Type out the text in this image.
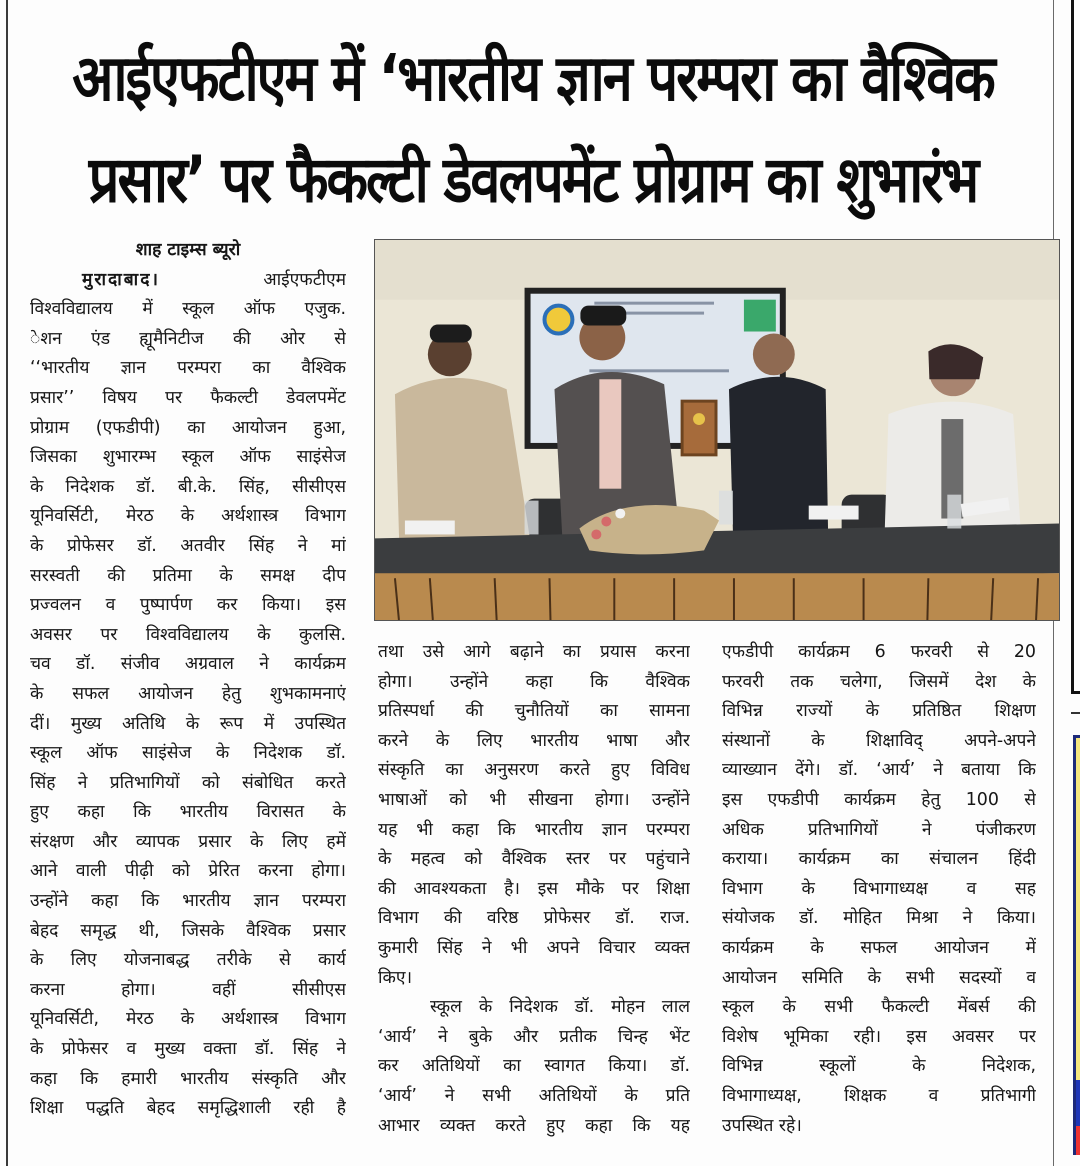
आईएफटीएम में ‘भारतीय ज्ञान परम्परा का वैश्विक
प्रसार’ पर फैकल्टी डेवलपमेंट प्रोग्राम का शुभारंभ
शाह टाइम्स ब्यूरो
मुरादाबाद।	आईएफटीएम
विश्वविद्यालय में स्कूल ऑफ एजुक.
ेशन एंड ह्यूमैनिटीज की ओर से
‘‘भारतीय ज्ञान परम्परा का वैश्विक
प्रसार’’ विषय पर फैकल्टी डेवलपमेंट
प्रोग्राम (एफडीपी) का आयोजन हुआ,
जिसका शुभारम्भ स्कूल ऑफ साइंसेज
के निदेशक डॉ. बी.के. सिंह, सीसीएस
यूनिवर्सिटी, मेरठ के अर्थशास्त्र विभाग
के प्रोफेसर डॉ. अतवीर सिंह ने मां
सरस्वती की प्रतिमा के समक्ष दीप
प्रज्वलन व पुष्पार्पण कर किया। इस
अवसर पर विश्वविद्यालय के कुलसि.
चव डॉ. संजीव अग्रवाल ने कार्यक्रम
के सफल आयोजन हेतु शुभकामनाएं
दीं। मुख्य अतिथि के रूप में उपस्थित
स्कूल ऑफ साइंसेज के निदेशक डॉ.
सिंह ने प्रतिभागियों को संबोधित करते
हुए कहा कि भारतीय विरासत के
संरक्षण और व्यापक प्रसार के लिए हमें
आने वाली पीढ़ी को प्रेरित करना होगा।
उन्होंने कहा कि भारतीय ज्ञान परम्परा
बेहद समृद्ध थी, जिसके वैश्विक प्रसार
के लिए योजनाबद्ध तरीके से कार्य
करना होगा। वहीं सीसीएस
यूनिवर्सिटी, मेरठ के अर्थशास्त्र विभाग
के प्रोफेसर व मुख्य वक्ता डॉ. सिंह ने
कहा कि हमारी भारतीय संस्कृति और
शिक्षा पद्धति बेहद समृद्धिशाली रही है
तथा उसे आगे बढ़ाने का प्रयास करना
होगा। उन्होंने कहा कि वैश्विक
प्रतिस्पर्धा की चुनौतियों का सामना
करने के लिए भारतीय भाषा और
संस्कृति का अनुसरण करते हुए विविध
भाषाओं को भी सीखना होगा। उन्होंने
यह भी कहा कि भारतीय ज्ञान परम्परा
के महत्व को वैश्विक स्तर पर पहुंचाने
की आवश्यकता है। इस मौके पर शिक्षा
विभाग की वरिष्ठ प्रोफेसर डॉ. राज.
कुमारी सिंह ने भी अपने विचार व्यक्त
किए।
स्कूल के निदेशक डॉ. मोहन लाल
‘आर्य’ ने बुके और प्रतीक चिन्ह भेंट
कर अतिथियों का स्वागत किया। डॉ.
‘आर्य’ ने सभी अतिथियों के प्रति
आभार व्यक्त करते हुए कहा कि यह
एफडीपी कार्यक्रम 6 फरवरी से 20
फरवरी तक चलेगा, जिसमें देश के
विभिन्न राज्यों के प्रतिष्ठित शिक्षण
संस्थानों के शिक्षाविद् अपने-अपने
व्याख्यान देंगे। डॉ. ‘आर्य’ ने बताया कि
इस एफडीपी कार्यक्रम हेतु 100 से
अधिक प्रतिभागियों ने पंजीकरण
कराया। कार्यक्रम का संचालन हिंदी
विभाग के विभागाध्यक्ष व सह
संयोजक डॉ. मोहित मिश्रा ने किया।
कार्यक्रम के सफल आयोजन में
आयोजन समिति के सभी सदस्यों व
स्कूल के सभी फैकल्टी मेंबर्स की
विशेष भूमिका रही। इस अवसर पर
विभिन्न स्कूलों के निदेशक,
विभागाध्यक्ष, शिक्षक व प्रतिभागी
उपस्थित रहे।
